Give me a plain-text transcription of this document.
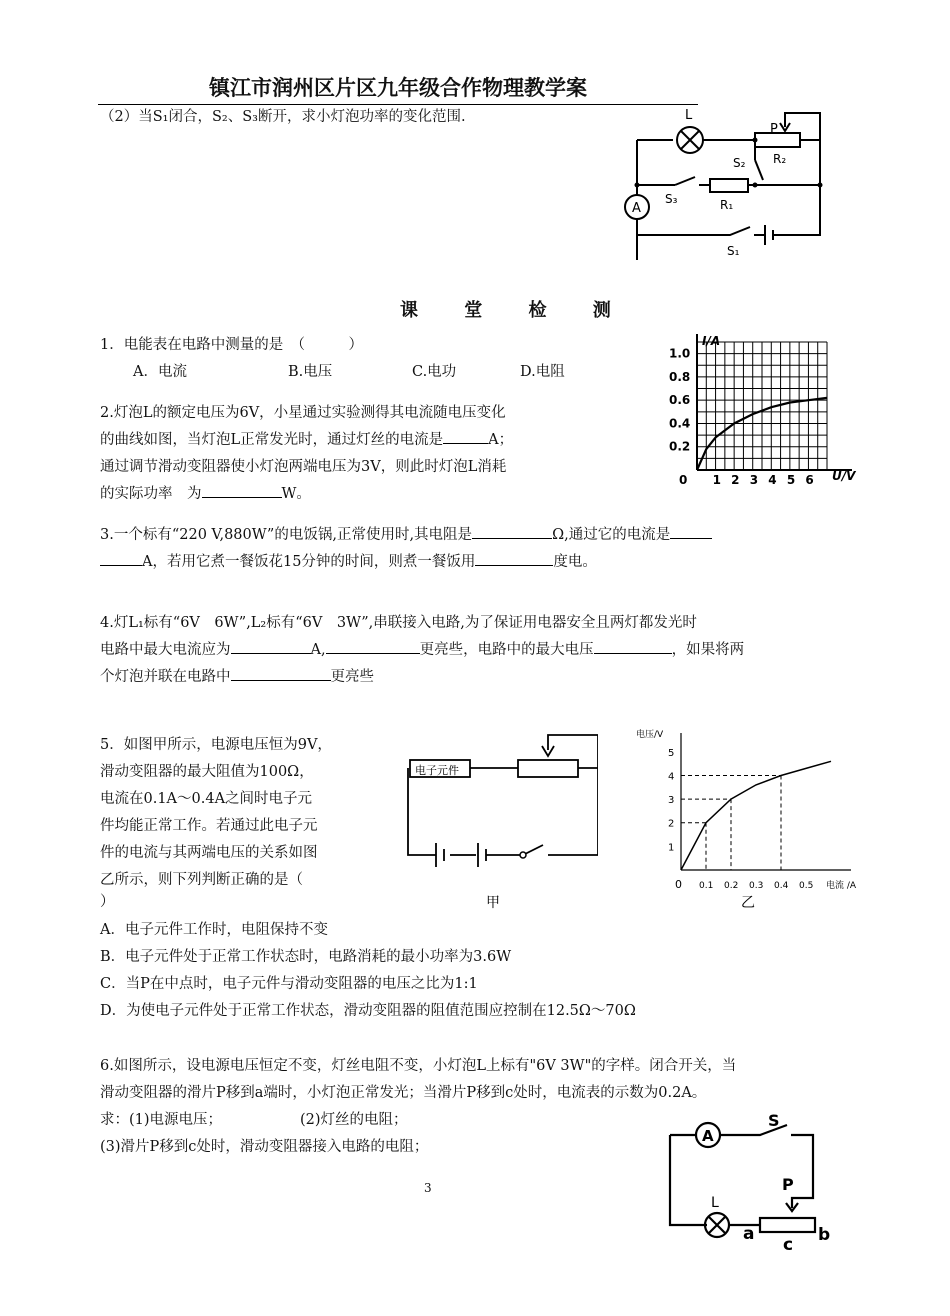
镇江市润州区片区九年级合作物理教学案
（2）当S₁闭合，S₂、S₃断开，求小灯泡功率的变化范围.
A
L
P
R₂
S₂
S₃	R₁
S₁
课 堂 检 测
1．电能表在电路中测量的是　（　　　）
A．电流	B.电压	C.电功	D.电阻
I/A
U/V
0 1 2 3 4 5 6
0.2
0.4
0.6
0.8
1.0
2.灯泡L的额定电压为6V，小星通过实验测得其电流随电压变化
的曲线如图，当灯泡L正常发光时，通过灯丝的电流是	A；
通过调节滑动变阻器使小灯泡两端电压为3V，则此时灯泡L消耗
的实际功率　为	W。
3.一个标有“220 V,880W”的电饭锅,正常使用时,其电阻是	Ω,通过它的电流是
A，若用它煮一餐饭花15分钟的时间，则煮一餐饭用	度电。
4.灯L₁标有“6V　6W”,L₂标有“6V　3W”,串联接入电路,为了保证用电器安全且两灯都发光时
电路中最大电流应为	A,	更亮些，电路中的最大电压	，如果将两
个灯泡并联在电路中	更亮些
5．如图甲所示，电源电压恒为9V，
滑动变阻器的最大阻值为100Ω，
电流在0.1A～0.4A之间时电子元
件均能正常工作。若通过此电子元
件的电流与其两端电压的关系如图
乙所示，则下列判断正确的是（
）
电子元件
甲
电压/V
电流 /A
0 0.1 0.2 0.3 0.4 0.5
1
2
3
4
5
乙
A．电子元件工作时，电阻保持不变
B．电子元件处于正常工作状态时，电路消耗的最小功率为3.6W
C．当P在中点时，电子元件与滑动变阻器的电压之比为1:1
D．为使电子元件处于正常工作状态，滑动变阻器的阻值范围应控制在12.5Ω～70Ω
6.如图所示，设电源电压恒定不变，灯丝电阻不变，小灯泡L上标有"6V 3W"的字样。闭合开关，当
滑动变阻器的滑片P移到a端时，小灯泡正常发光；当滑片P移到c处时，电流表的示数为0.2A。
求：(1)电源电压；	(2)灯丝的电阻；
(3)滑片P移到c处时，滑动变阻器接入电路的电阻；
A
S
P
L
a
c b
3
